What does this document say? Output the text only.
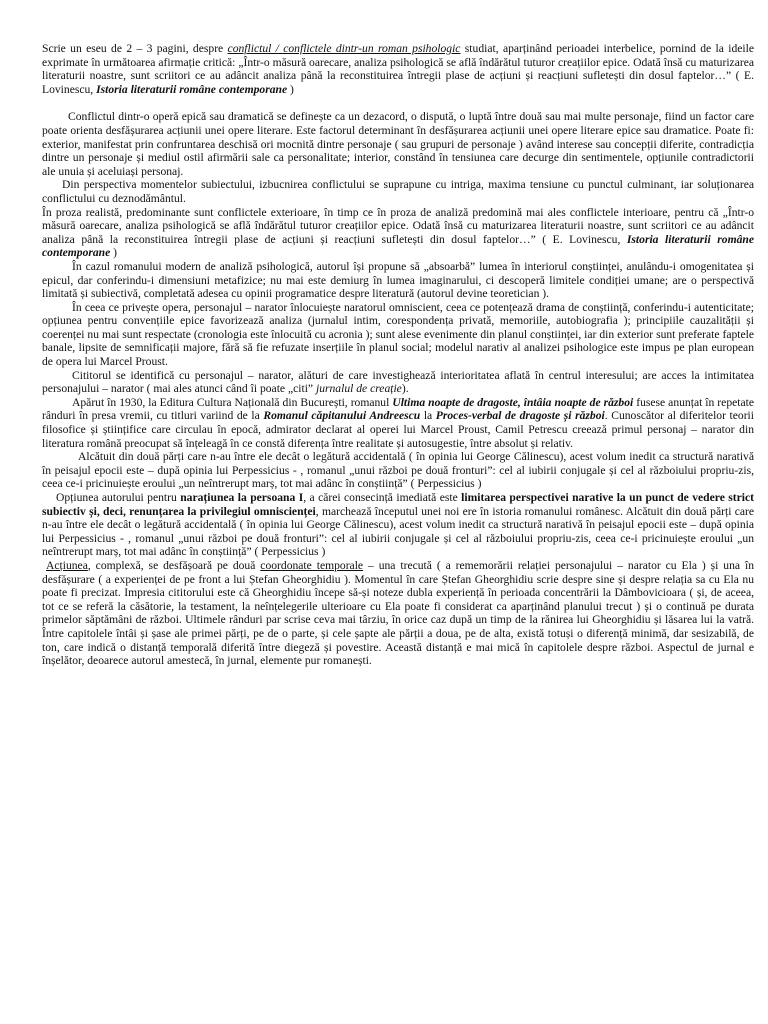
Scrie un eseu de 2 – 3 pagini, despre conflictul / conflictele dintr-un roman psihologic studiat, aparținând perioadei interbelice, pornind de la ideile exprimate în următoarea afirmație critică: „Într-o măsură oarecare, analiza psihologică se află îndărătul tuturor creațiilor epice. Odată însă cu maturizarea literaturii noastre, sunt scriitori ce au adâncit analiza până la reconstituirea întregii plase de acțiuni și reacțiuni sufletești din dosul faptelor…” ( E. Lovinescu, Istoria literaturii române contemporane )

Conflictul dintr-o operă epică sau dramatică se definește ca un dezacord, o dispută, o luptă între două sau mai multe personaje, fiind un factor care poate orienta desfășurarea acțiunii unei opere literare. Este factorul determinant în desfășurarea acțiunii unei opere literare epice sau dramatice. Poate fi: exterior, manifestat prin confruntarea deschisă ori mocnită dintre personaje ( sau grupuri de personaje ) având interese sau concepții diferite, contradicția dintre un personaje și mediul ostil afirmării sale ca personalitate; interior, constând în tensiunea care decurge din sentimentele, opțiunile contradictorii ale unuia și aceluiași personaj.

Din perspectiva momentelor subiectului, izbucnirea conflictului se suprapune cu intriga, maxima tensiune cu punctul culminant, iar soluționarea conflictului cu deznodământul.

În proza realistă, predominante sunt conflictele exterioare, în timp ce în proza de analiză predomină mai ales conflictele interioare, pentru că „Într-o măsură oarecare, analiza psihologică se află îndărătul tuturor creațiilor epice. Odată însă cu maturizarea literaturii noastre, sunt scriitori ce au adâncit analiza până la reconstituirea întregii plase de acțiuni și reacțiuni sufletești din dosul faptelor…” ( E. Lovinescu, Istoria literaturii române contemporane )

În cazul romanului modern de analiză psihologică, autorul își propune să „absoarbă” lumea în interiorul conștiinței, anulându-i omogenitatea și epicul, dar conferindu-i dimensiuni metafizice; nu mai este demiurg în lumea imaginarului, ci descoperă limitele condiției umane; are o perspectivă limitată și subiectivă, completată adesea cu opinii programatice despre literatură (autorul devine teoretician ).

În ceea ce privește opera, personajul – narator înlocuiește naratorul omniscient, ceea ce potențează drama de conștiință, conferindu-i autenticitate; opțiunea pentru convențiile epice favorizează analiza (jurnalul intim, corespondența privată, memoriile, autobiografia ); principiile cauzalității și coerenței nu mai sunt respectate (cronologia este înlocuită cu acronia ); sunt alese evenimente din planul conștiinței, iar din exterior sunt preferate faptele banale, lipsite de semnificații majore, fără să fie refuzate inserțiile în planul social; modelul narativ al analizei psihologice este impus pe plan european de opera lui Marcel Proust.

Cititorul se identifică cu personajul – narator, alături de care investighează interioritatea aflată în centrul interesului; are acces la intimitatea personajului – narator ( mai ales atunci când îi poate „citi” jurnalul de creație).

Apărut în 1930, la Editura Cultura Națională din București, romanul Ultima noapte de dragoste, întâia noapte de război fusese anunțat în repetate rânduri în presa vremii, cu titluri variind de la Romanul căpitanului Andreescu la Proces-verbal de dragoste și război. Cunoscător al diferitelor teorii filosofice și științifice care circulau în epocă, admirator declarat al operei lui Marcel Proust, Camil Petrescu creează primul personaj – narator din literatura română preocupat să înțeleagă în ce constă diferența între realitate și autosugestie, între absolut și relativ.

Alcătuit din două părți care n-au între ele decât o legătură accidentală ( în opinia lui George Călinescu), acest volum inedit ca structură narativă în peisajul epocii este – după opinia lui Perpessicius - , romanul „unui război pe două fronturi”: cel al iubirii conjugale și cel al războiului propriu-zis, ceea ce-i pricinuiește eroului „un neîntrerupt marș, tot mai adânc în conștiință” ( Perpessicius )

Opțiunea autorului pentru narațiunea la persoana I, a cărei consecință imediată este limitarea perspectivei narative la un punct de vedere strict subiectiv și, deci, renunțarea la privilegiul omniscienței, marchează începutul unei noi ere în istoria romanului românesc. Alcătuit din două părți care n-au între ele decât o legătură accidentală ( în opinia lui George Călinescu), acest volum inedit ca structură narativă în peisajul epocii este – după opinia lui Perpessicius - , romanul „unui război pe două fronturi”: cel al iubirii conjugale și cel al războiului propriu-zis, ceea ce-i pricinuiește eroului „un neîntrerupt marș, tot mai adânc în conștiință” ( Perpessicius )

Acțiunea, complexă, se desfășoară pe două coordonate temporale – una trecută ( a rememorării relației personajului – narator cu Ela ) și una în desfășurare ( a experienței de pe front a lui Ștefan Gheorghidiu ). Momentul în care Ștefan Gheorghidiu scrie despre sine și despre relația sa cu Ela nu poate fi precizat. Impresia cititorului este că Gheorghidiu începe să-și noteze dubla experiență în perioada concentrării la Dâmbovicioara ( și, de aceea, tot ce se referă la căsătorie, la testament, la neînțelegerile ulterioare cu Ela poate fi considerat ca aparținând planului trecut ) și o continuă pe durata primelor săptămâni de război. Ultimele rânduri par scrise ceva mai târziu, în orice caz după un timp de la rănirea lui Gheorghidiu și lăsarea lui la vatră. Între capitolele întâi și șase ale primei părți, pe de o parte, și cele șapte ale părții a doua, pe de alta, există totuși o diferență minimă, dar sesizabilă, de ton, care indică o distanță temporală diferită între diegeză și povestire. Această distanță e mai mică în capitolele despre război. Aspectul de jurnal e înșelător, deoarece autorul amestecă, în jurnal, elemente pur romanești.
